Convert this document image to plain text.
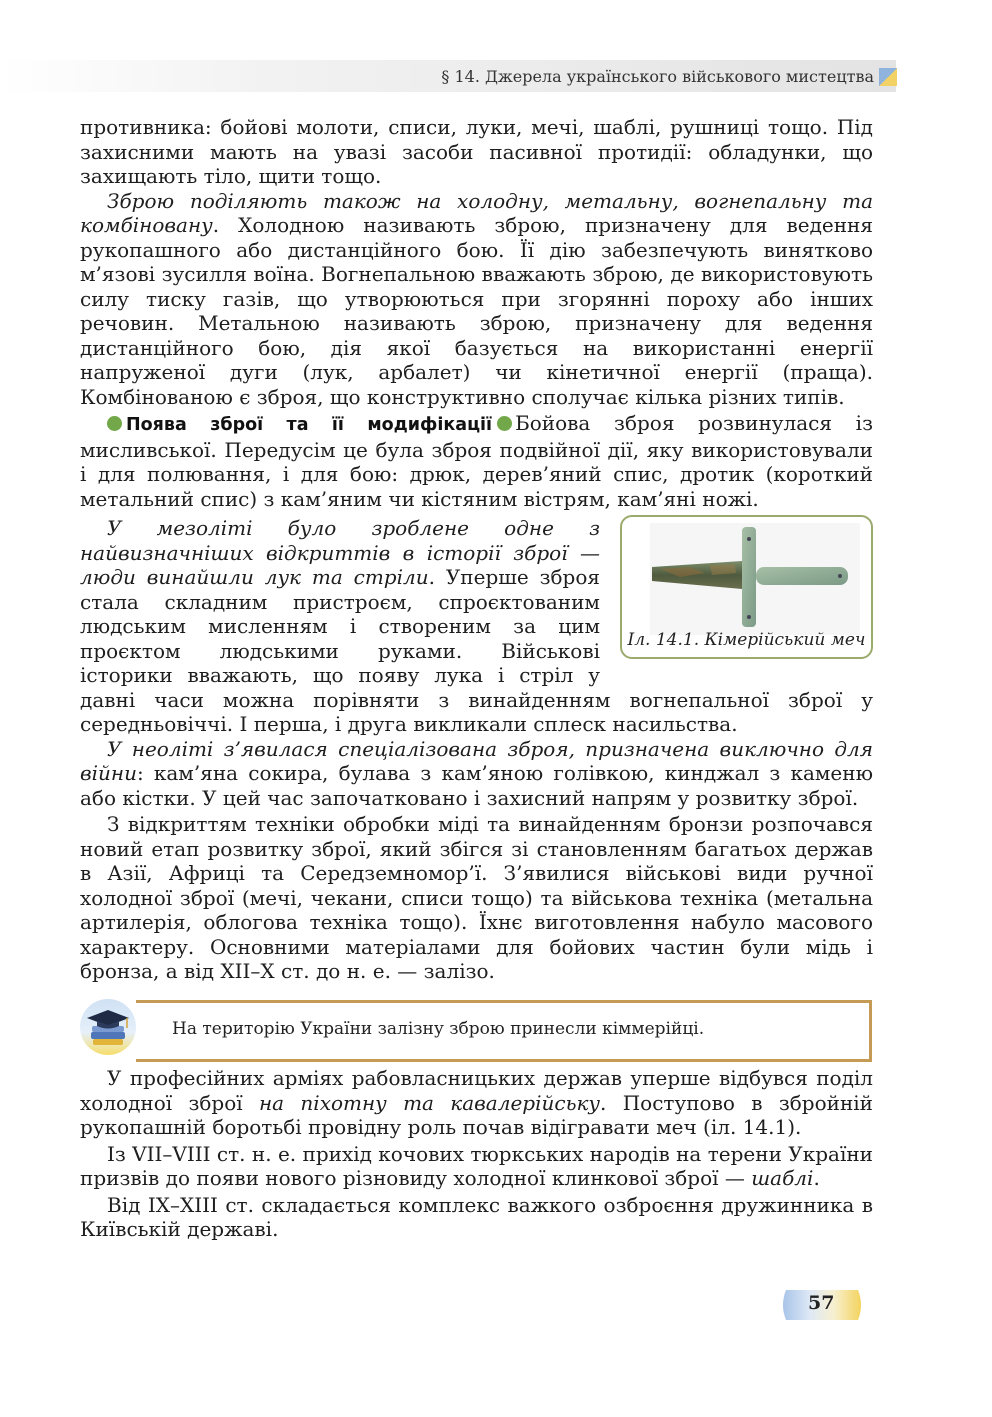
§ 14. Джерела українського військового мистецтва

противника: бойові молоти, списи, луки, мечі, шаблі, рушниці тощо. Під захисними мають на увазі засоби пасивної протидії: обладунки, що захищають тіло, щити тощо.

Зброю поділяють також на холодну, метальну, вогнепальну та комбіновану. Холодною називають зброю, призначену для ведення рукопашного або дистанційного бою. Її дію забезпечують винятково м’язові зусилля воїна. Вогнепальною вважають зброю, де використовують силу тиску газів, що утворюються при згорянні пороху або інших речовин. Метальною називають зброю, призначену для ведення дистанційного бою, дія якої базується на використанні енергії напруженої дуги (лук, арбалет) чи кінетичної енергії (праща). Комбінованою є зброя, що конструктивно сполучає кілька різних типів.

Поява зброї та її модифікації Бойова зброя розвинулася із мисливської. Передусім це була зброя подвійної дії, яку використовували і для полювання, і для бою: дрюк, дерев’яний спис, дротик (короткий метальний спис) з кам’яним чи кістяним вістрям, кам’яні ножі.

Іл. 14.1. Кімерійський меч

У мезоліті було зроблене одне з найвизначніших відкриттів в історії зброї — люди винайшли лук та стріли. Уперше зброя стала складним пристроєм, спроєктованим людським мисленням і створеним за цим проєктом людськими руками. Військові історики вважають, що появу лука і стріл у давні часи можна порівняти з винайденням вогнепальної зброї у середньовіччі. І перша, і друга викликали сплеск насильства.

У неоліті з’явилася спеціалізована зброя, призначена виключно для війни: кам’яна сокира, булава з кам’яною голівкою, кинджал з каменю або кістки. У цей час започатковано і захисний напрям у розвитку зброї.

З відкриттям техніки обробки міді та винайденням бронзи розпочався новий етап розвитку зброї, який збігся зі становленням багатьох держав в Азії, Африці та Середземномор’ї. З’явилися військові види ручної холодної зброї (мечі, чекани, списи тощо) та військова техніка (метальна артилерія, облогова техніка тощо). Їхнє виготовлення набуло масового характеру. Основними матеріалами для бойових частин були мідь і бронза, а від XII–X ст. до н. е. — залізо.

На територію України залізну зброю принесли кіммерійці.

У професійних арміях рабовласницьких держав уперше відбувся поділ холодної зброї на піхотну та кавалерійську. Поступово в збройній рукопашній боротьбі провідну роль почав відігравати меч (іл. 14.1).

Із VII–VIII ст. н. е. прихід кочових тюркських народів на терени України призвів до появи нового різновиду холодної клинкової зброї — шаблі.

Від IX–XIII ст. складається комплекс важкого озброєння дружинника в Київській державі.

57
